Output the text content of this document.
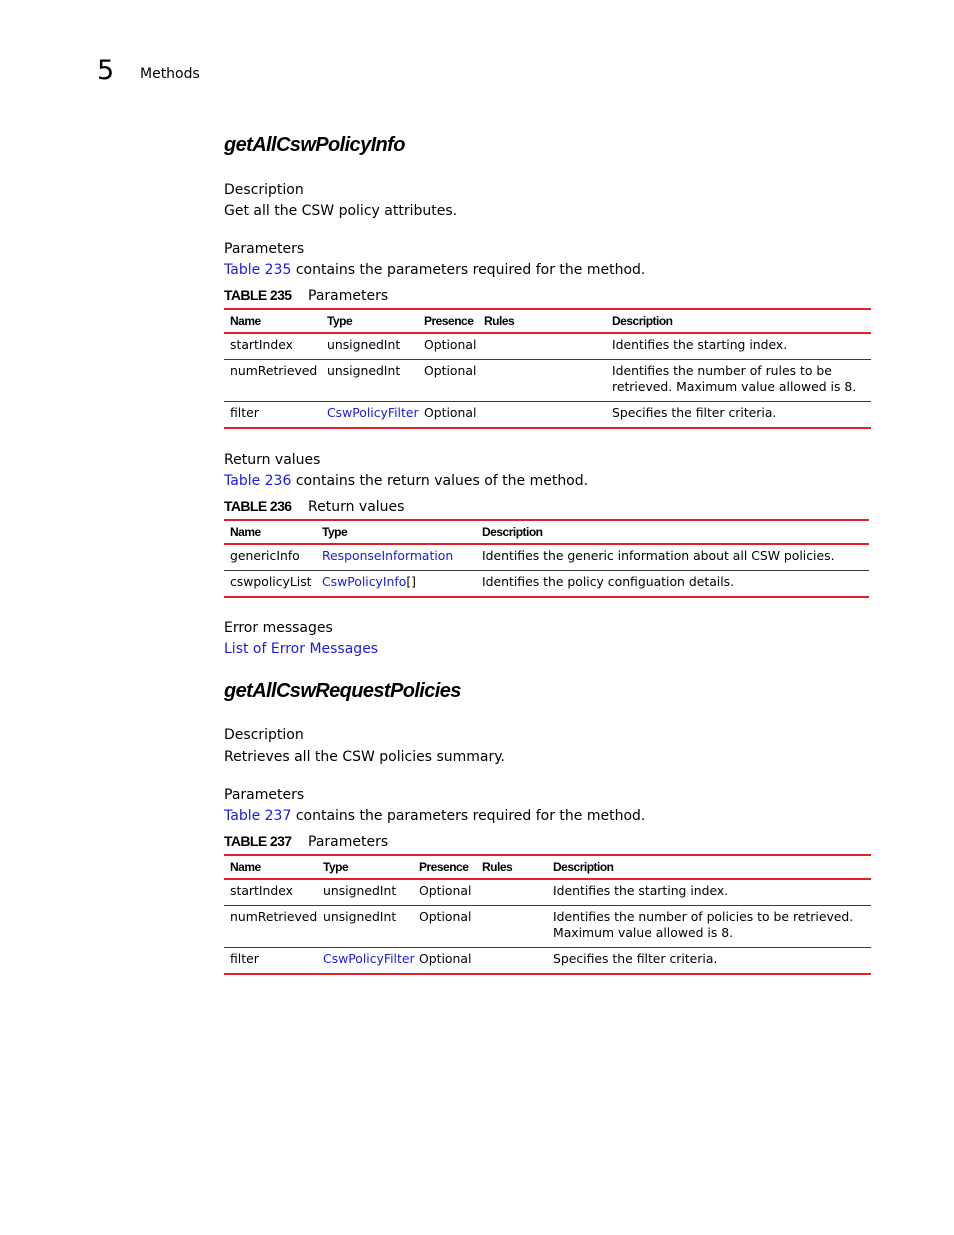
5 Methods
getAllCswPolicyInfo
Description
Get all the CSW policy attributes.
Parameters
Table 235 contains the parameters required for the method.
TABLE 235 Parameters
Name	Type	Presence	Rules	Description
startIndex	unsignedInt	Optional		Identifies the starting index.
numRetrieved	unsignedInt	Optional		Identifies the number of rules to be retrieved. Maximum value allowed is 8.
filter	CswPolicyFilter	Optional		Specifies the filter criteria.
Return values
Table 236 contains the return values of the method.
TABLE 236 Return values
Name	Type	Description
genericInfo	ResponseInformation	Identifies the generic information about all CSW policies.
cswpolicyList	CswPolicyInfo[]	Identifies the policy configuation details.
Error messages
List of Error Messages
getAllCswRequestPolicies
Description
Retrieves all the CSW policies summary.
Parameters
Table 237 contains the parameters required for the method.
TABLE 237 Parameters
Name	Type	Presence	Rules	Description
startIndex	unsignedInt	Optional		Identifies the starting index.
numRetrieved	unsignedInt	Optional		Identifies the number of policies to be retrieved. Maximum value allowed is 8.
filter	CswPolicyFilter	Optional		Specifies the filter criteria.
